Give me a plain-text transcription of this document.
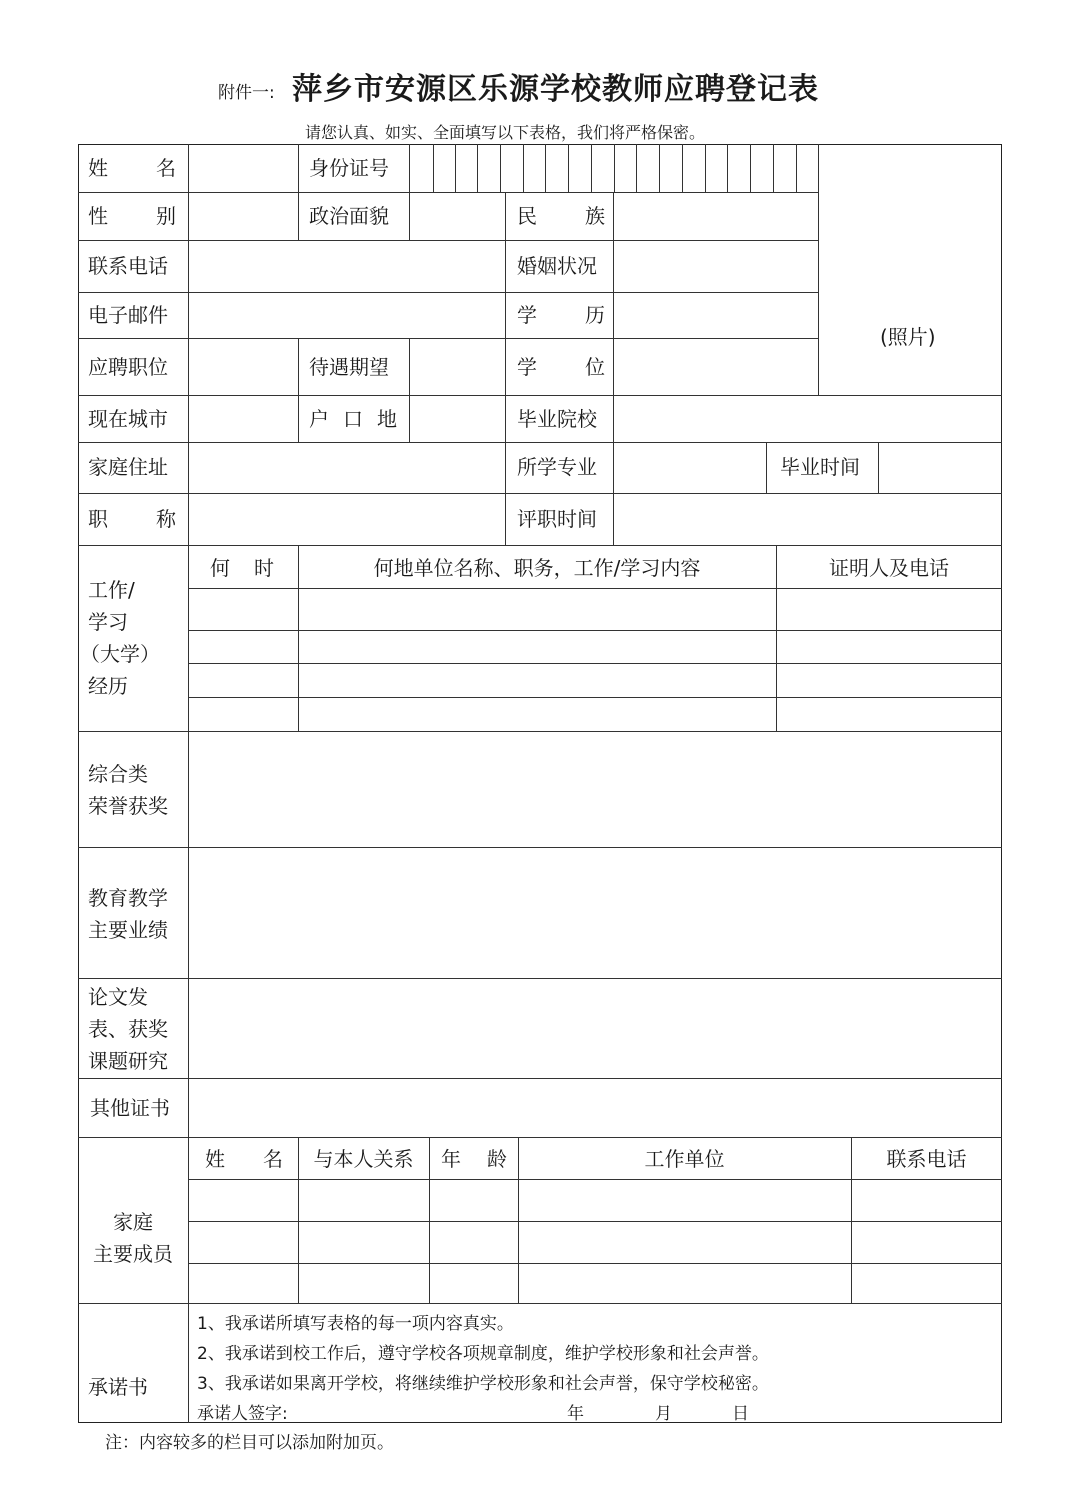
附件一: 萍乡市安源区乐源学校教师应聘登记表
请您认真、如实、全面填写以下表格，我们将严格保密。
姓 名	身份证号
性 别	政治面貌	民 族
联系电话	婚姻状况
电子邮件	学 历
应聘职位	待遇期望	学 位
现在城市	户 口 地	毕业院校
家庭住址	所学专业	毕业时间
职 称	评职时间
(照片)
工作/
学习
（大学）
经历
何 时	何地单位名称、职务，工作/学习内容	证明人及电话
综合类
荣誉获奖
教育教学
主要业绩
论文发
表、获奖
课题研究
其他证书
家庭
主要成员
姓 名	与本人关系	年 龄	工作单位	联系电话
承诺书
1、我承诺所填写表格的每一项内容真实。
2、我承诺到校工作后，遵守学校各项规章制度，维护学校形象和社会声誉。
3、我承诺如果离开学校，将继续维护学校形象和社会声誉，保守学校秘密。
承诺人签字:	年	月	日
注：内容较多的栏目可以添加附加页。
